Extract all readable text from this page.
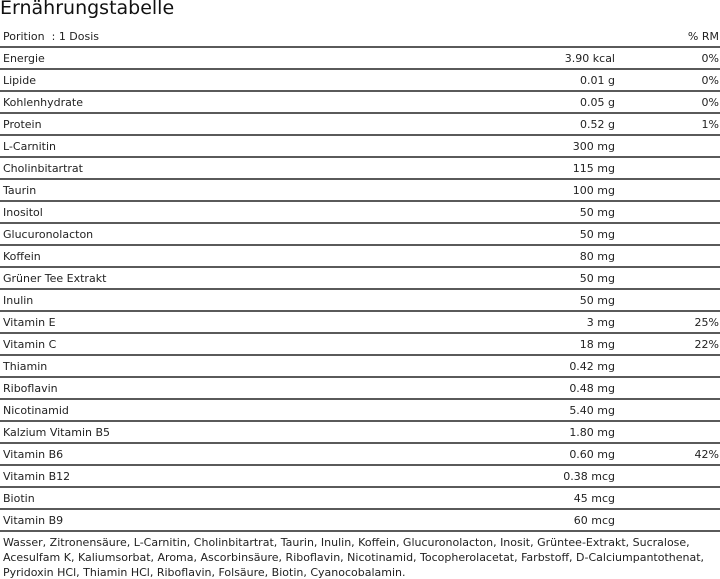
Ernährungstabelle
Porition  : 1 Dosis	% RM
Energie	3.90 kcal	0%
Lipide	0.01 g	0%
Kohlenhydrate	0.05 g	0%
Protein	0.52 g	1%
L-Carnitin	300 mg
Cholinbitartrat	115 mg
Taurin	100 mg
Inositol	50 mg
Glucuronolacton	50 mg
Koffein	80 mg
Grüner Tee Extrakt	50 mg
Inulin	50 mg
Vitamin E	3 mg	25%
Vitamin C	18 mg	22%
Thiamin	0.42 mg
Riboflavin	0.48 mg
Nicotinamid	5.40 mg
Kalzium Vitamin B5	1.80 mg
Vitamin B6	0.60 mg	42%
Vitamin B12	0.38 mcg
Biotin	45 mcg
Vitamin B9	60 mcg

Wasser, Zitronensäure, L-Carnitin, Cholinbitartrat, Taurin, Inulin, Koffein, Glucuronolacton, Inosit, Grüntee-Extrakt, Sucralose, Acesulfam K, Kaliumsorbat, Aroma, Ascorbinsäure, Riboflavin, Nicotinamid, Tocopherolacetat, Farbstoff, D-Calciumpantothenat, Pyridoxin HCl, Thiamin HCl, Riboflavin, Folsäure, Biotin, Cyanocobalamin.
